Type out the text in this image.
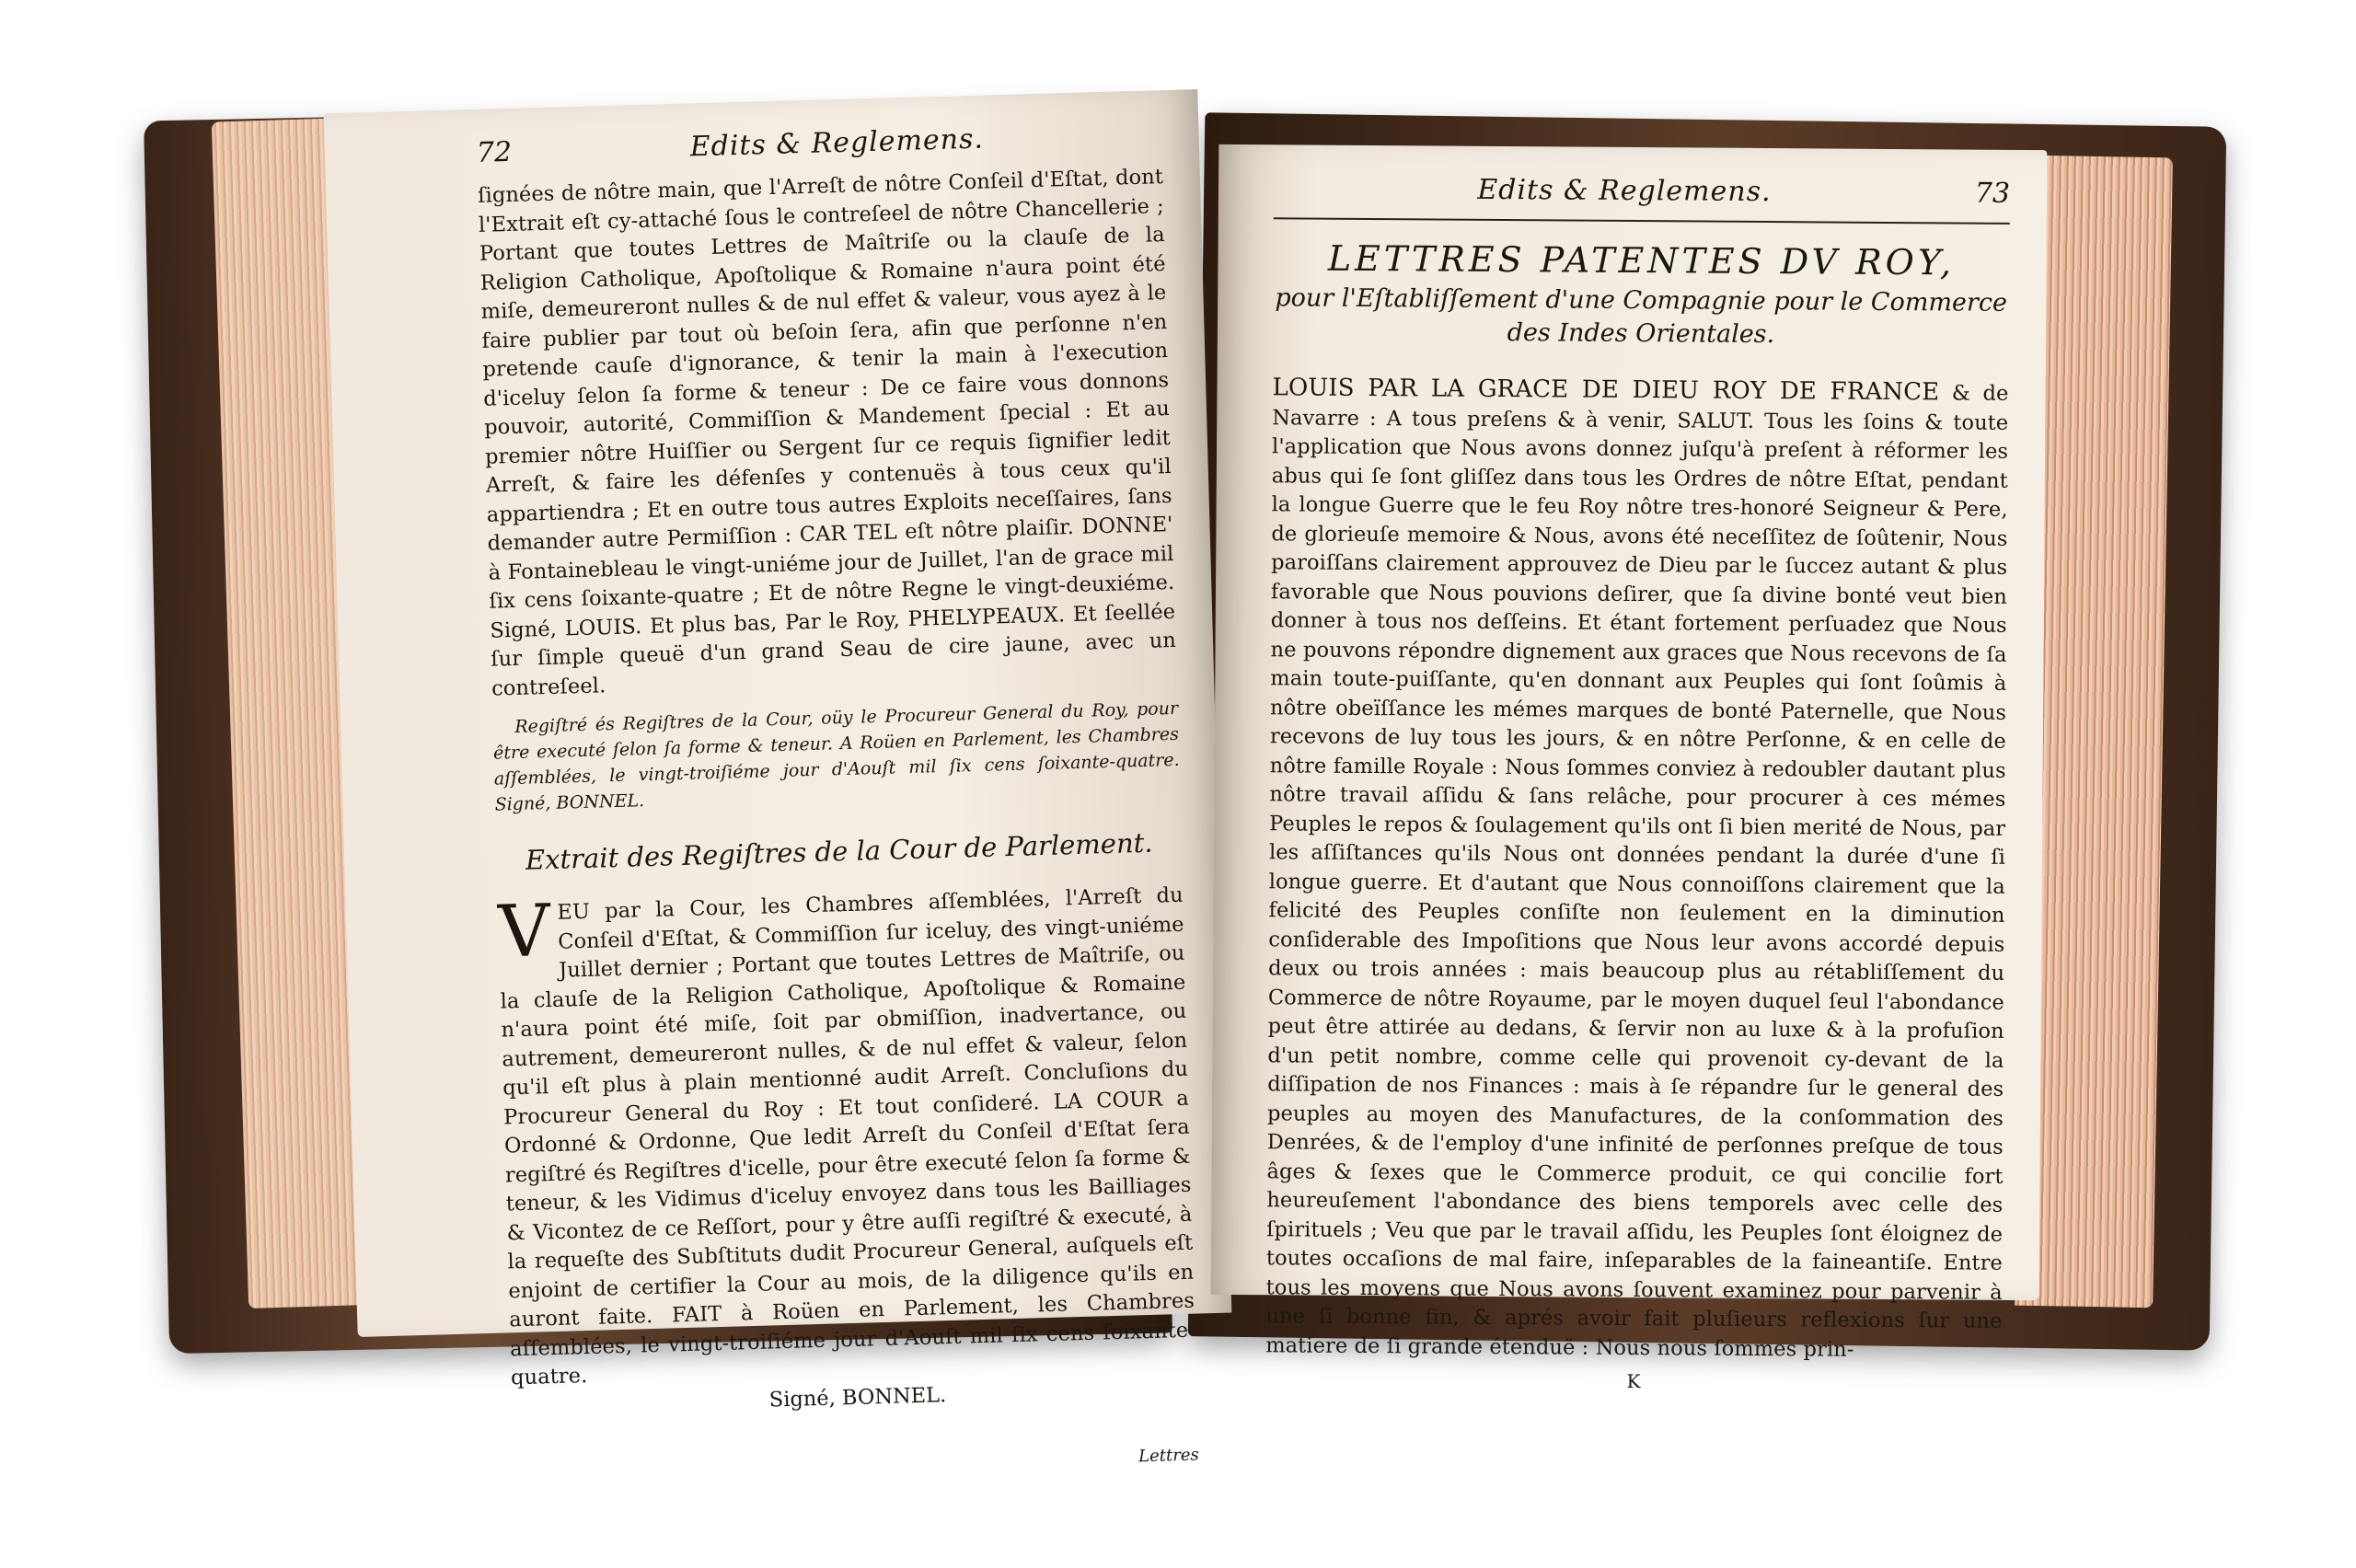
72	Edits & Reglemens.

ſignées de nôtre main, que l'Arreſt de nôtre Conſeil d'Eſtat, dont l'Extrait eſt cy-attaché ſous le contreſeel de nôtre Chancellerie ; Portant que toutes Lettres de Maîtriſe ou la clauſe de la Religion Catholique, Apoſtolique & Romaine n'aura point été miſe, demeureront nulles & de nul effet & valeur, vous ayez à le faire publier par tout où beſoin ſera, afin que perſonne n'en pretende cauſe d'ignorance, & tenir la main à l'execution d'iceluy ſelon ſa forme & teneur : De ce faire vous donnons pouvoir, autorité, Commiſſion & Mandement ſpecial : Et au premier nôtre Huiſſier ou Sergent ſur ce requis ſignifier ledit Arreſt, & faire les défenſes y contenuës à tous ceux qu'il appartiendra ; Et en outre tous autres Exploits neceſſaires, ſans demander autre Permiſſion : CAR TEL eſt nôtre plaiſir. DONNE' à Fontainebleau le vingt-uniéme jour de Juillet, l'an de grace mil ſix cens ſoixante-quatre ; Et de nôtre Regne le vingt-deuxiéme. Signé, LOUIS. Et plus bas, Par le Roy, PHELYPEAUX. Et ſeellée ſur ſimple queuë d'un grand Seau de cire jaune, avec un contreſeel.

Regiſtré és Regiſtres de la Cour, oüy le Procureur General du Roy, pour être executé ſelon ſa forme & teneur. A Roüen en Parlement, les Chambres aſſemblées, le vingt-troiſiéme jour d'Aouſt mil ſix cens ſoixante-quatre. Signé, BONNEL.

Extrait des Regiſtres de la Cour de Parlement.

VEU par la Cour, les Chambres aſſemblées, l'Arreſt du Conſeil d'Eſtat, & Commiſſion ſur iceluy, des vingt-uniéme Juillet dernier ; Portant que toutes Lettres de Maîtriſe, ou la clauſe de la Religion Catholique, Apoſtolique & Romaine n'aura point été miſe, ſoit par obmiſſion, inadvertance, ou autrement, demeureront nulles, & de nul effet & valeur, ſelon qu'il eſt plus à plain mentionné audit Arreſt. Concluſions du Procureur General du Roy : Et tout conſideré. LA COUR a Ordonné & Ordonne, Que ledit Arreſt du Conſeil d'Eſtat ſera regiſtré és Regiſtres d'icelle, pour être executé ſelon ſa forme & teneur, & les Vidimus d'iceluy envoyez dans tous les Bailliages & Vicontez de ce Reſſort, pour y être auſſi regiſtré & executé, à la requeſte des Subſtituts dudit Procureur General, auſquels eſt enjoint de certifier la Cour au mois, de la diligence qu'ils en auront faite. FAIT à Roüen en Parlement, les Chambres aſſemblées, le vingt-troiſiéme jour d'Aouſt mil ſix cens ſoixante-quatre.

Signé, BONNEL.

Lettres
Edits & Reglemens.	73
LETTRES PATENTES DV ROY,
pour l'Eſtabliſſement d'une Compagnie pour le Commerce
des Indes Orientales.

LOUIS PAR LA GRACE DE DIEU ROY DE FRANCE & de Navarre : A tous preſens & à venir, SALUT. Tous les ſoins & toute l'application que Nous avons donnez juſqu'à preſent à réformer les abus qui ſe ſont gliſſez dans tous les Ordres de nôtre Eſtat, pendant la longue Guerre que le feu Roy nôtre tres-honoré Seigneur & Pere, de glorieuſe memoire & Nous, avons été neceſſitez de ſoûtenir, Nous paroiſſans clairement approuvez de Dieu par le ſuccez autant & plus favorable que Nous pouvions deſirer, que ſa divine bonté veut bien donner à tous nos deſſeins. Et étant fortement perſuadez que Nous ne pouvons répondre dignement aux graces que Nous recevons de ſa main toute-puiſſante, qu'en donnant aux Peuples qui ſont ſoûmis à nôtre obeïſſance les mémes marques de bonté Paternelle, que Nous recevons de luy tous les jours, & en nôtre Perſonne, & en celle de nôtre famille Royale : Nous ſommes conviez à redoubler dautant plus nôtre travail aſſidu & ſans relâche, pour procurer à ces mémes Peuples le repos & ſoulagement qu'ils ont ſi bien merité de Nous, par les aſſiſtances qu'ils Nous ont données pendant la durée d'une ſi longue guerre. Et d'autant que Nous connoiſſons clairement que la felicité des Peuples conſiſte non ſeulement en la diminution conſiderable des Impoſitions que Nous leur avons accordé depuis deux ou trois années : mais beaucoup plus au rétabliſſement du Commerce de nôtre Royaume, par le moyen duquel ſeul l'abondance peut être attirée au dedans, & ſervir non au luxe & à la profuſion d'un petit nombre, comme celle qui provenoit cy-devant de la diſſipation de nos Finances : mais à ſe répandre ſur le general des peuples au moyen des Manufactures, de la conſommation des Denrées, & de l'employ d'une infinité de perſonnes preſque de tous âges & ſexes que le Commerce produit, ce qui concilie fort heureuſement l'abondance des biens temporels avec celle des ſpirituels ; Veu que par le travail aſſidu, les Peuples ſont éloignez de toutes occaſions de mal faire, inſeparables de la faineantiſe. Entre tous les moyens que Nous avons ſouvent examinez pour parvenir à une ſi bonne fin, & aprés avoir fait pluſieurs reflexions ſur une matiere de ſi grande étenduë : Nous nous ſommes prin-

K
